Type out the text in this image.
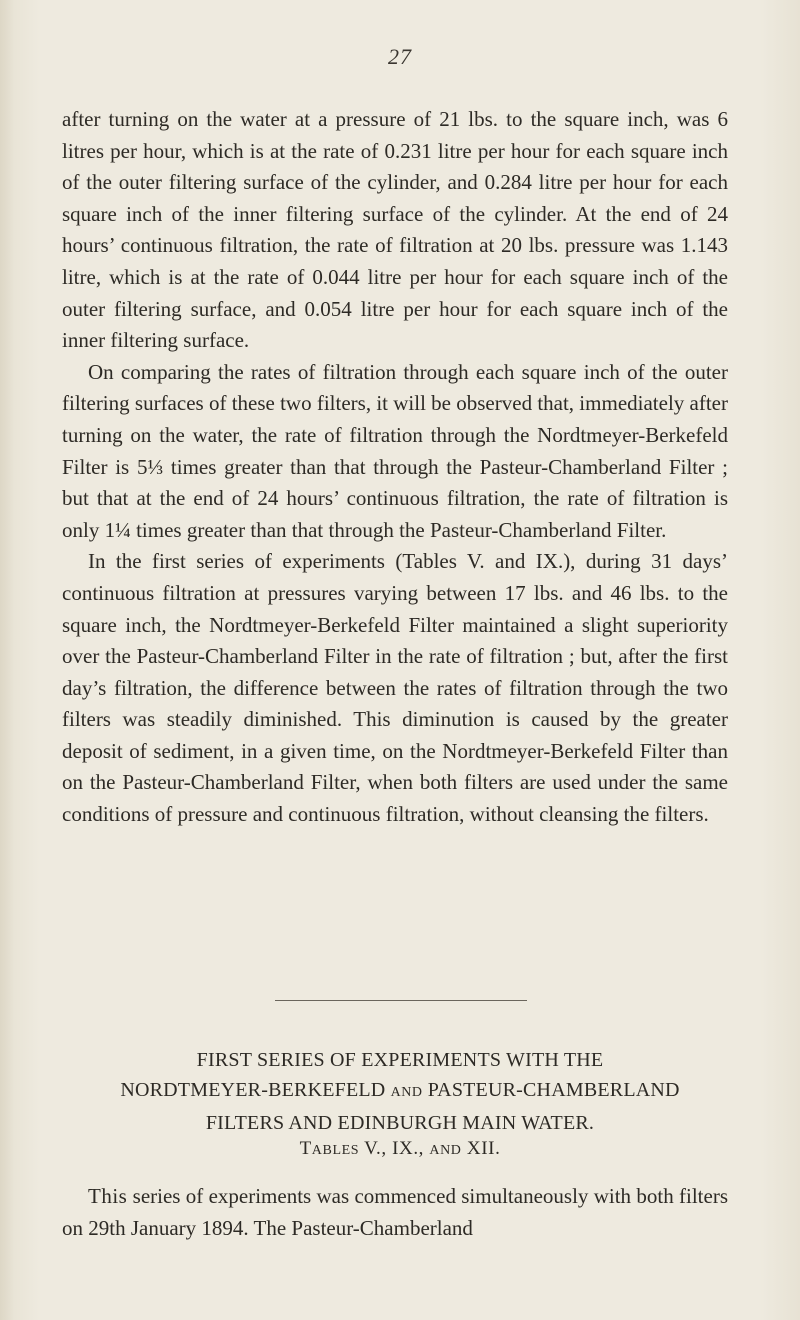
27

after turning on the water at a pressure of 21 lbs. to the square inch, was 6 litres per hour, which is at the rate of 0.231 litre per hour for each square inch of the outer filtering surface of the cylinder, and 0.284 litre per hour for each square inch of the inner filtering surface of the cylinder. At the end of 24 hours’ continuous filtration, the rate of filtration at 20 lbs. pressure was 1.143 litre, which is at the rate of 0.044 litre per hour for each square inch of the outer filtering surface, and 0.054 litre per hour for each square inch of the inner filtering surface.

On comparing the rates of filtration through each square inch of the outer filtering surfaces of these two filters, it will be observed that, immediately after turning on the water, the rate of filtration through the Nordtmeyer-Berkefeld Filter is 5⅓ times greater than that through the Pasteur-Chamberland Filter ; but that at the end of 24 hours’ continuous filtration, the rate of filtration is only 1¼ times greater than that through the Pasteur-Chamberland Filter.

In the first series of experiments (Tables V. and IX.), during 31 days’ continuous filtration at pressures varying between 17 lbs. and 46 lbs. to the square inch, the Nordtmeyer-Berkefeld Filter maintained a slight superiority over the Pasteur-Chamberland Filter in the rate of filtration ; but, after the first day’s filtration, the difference between the rates of filtration through the two filters was steadily diminished. This diminution is caused by the greater deposit of sediment, in a given time, on the Nordtmeyer-Berkefeld Filter than on the Pasteur-Chamberland Filter, when both filters are used under the same conditions of pressure and continuous filtration, without cleansing the filters.

FIRST SERIES OF EXPERIMENTS WITH THE
NORDTMEYER-BERKEFELD AND PASTEUR-CHAMBERLAND
FILTERS AND EDINBURGH MAIN WATER.
TABLES V., IX., AND XII.

This series of experiments was commenced simultaneously with both filters on 29th January 1894. The Pasteur-Chamberland
